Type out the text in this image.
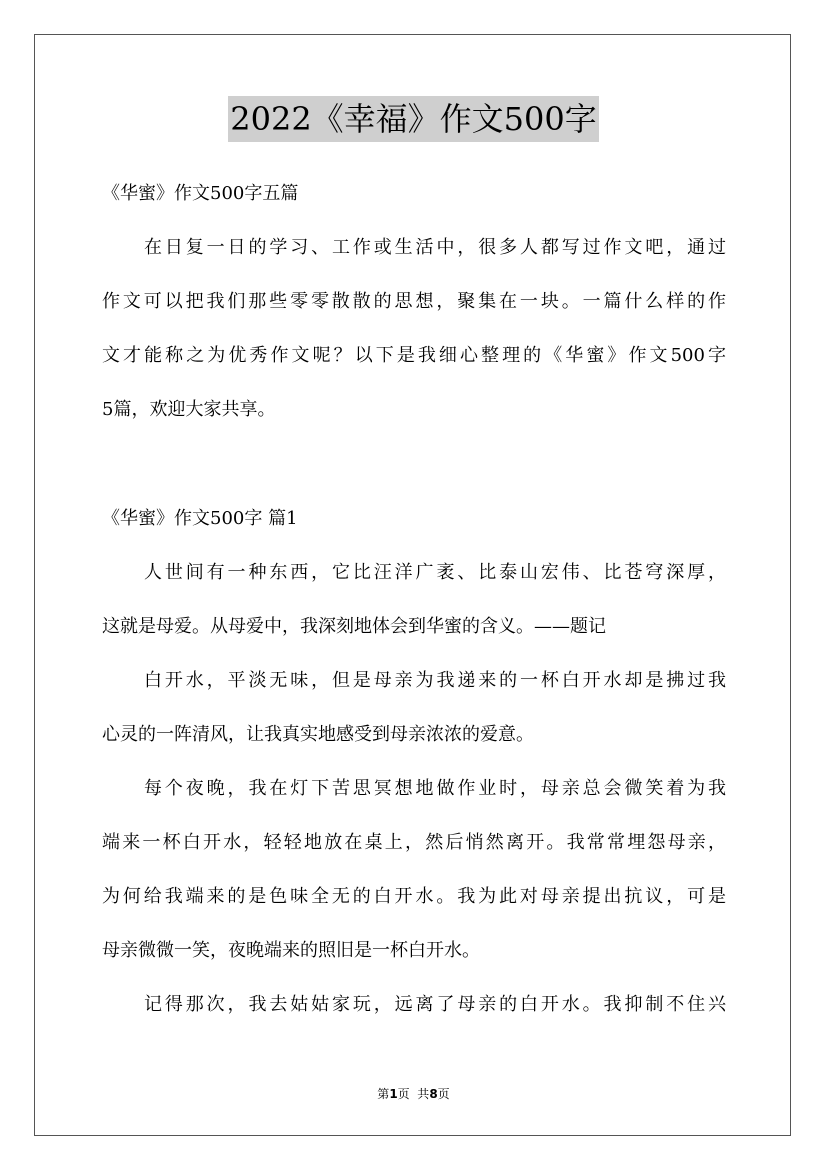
2022《幸福》作文500字
《华蜜》作文500字五篇
在日复一日的学习、工作或生活中，很多人都写过作文吧，通过
作文可以把我们那些零零散散的思想，聚集在一块。一篇什么样的作
文才能称之为优秀作文呢？以下是我细心整理的《华蜜》作文500字
5篇，欢迎大家共享。
《华蜜》作文500字 篇1
人世间有一种东西，它比汪洋广袤、比泰山宏伟、比苍穹深厚，
这就是母爱。从母爱中，我深刻地体会到华蜜的含义。——题记
白开水，平淡无味，但是母亲为我递来的一杯白开水却是拂过我
心灵的一阵清风，让我真实地感受到母亲浓浓的爱意。
每个夜晚，我在灯下苦思冥想地做作业时，母亲总会微笑着为我
端来一杯白开水，轻轻地放在桌上，然后悄然离开。我常常埋怨母亲，
为何给我端来的是色味全无的白开水。我为此对母亲提出抗议，可是
母亲微微一笑，夜晚端来的照旧是一杯白开水。
记得那次，我去姑姑家玩，远离了母亲的白开水。我抑制不住兴
第1页  共8页
